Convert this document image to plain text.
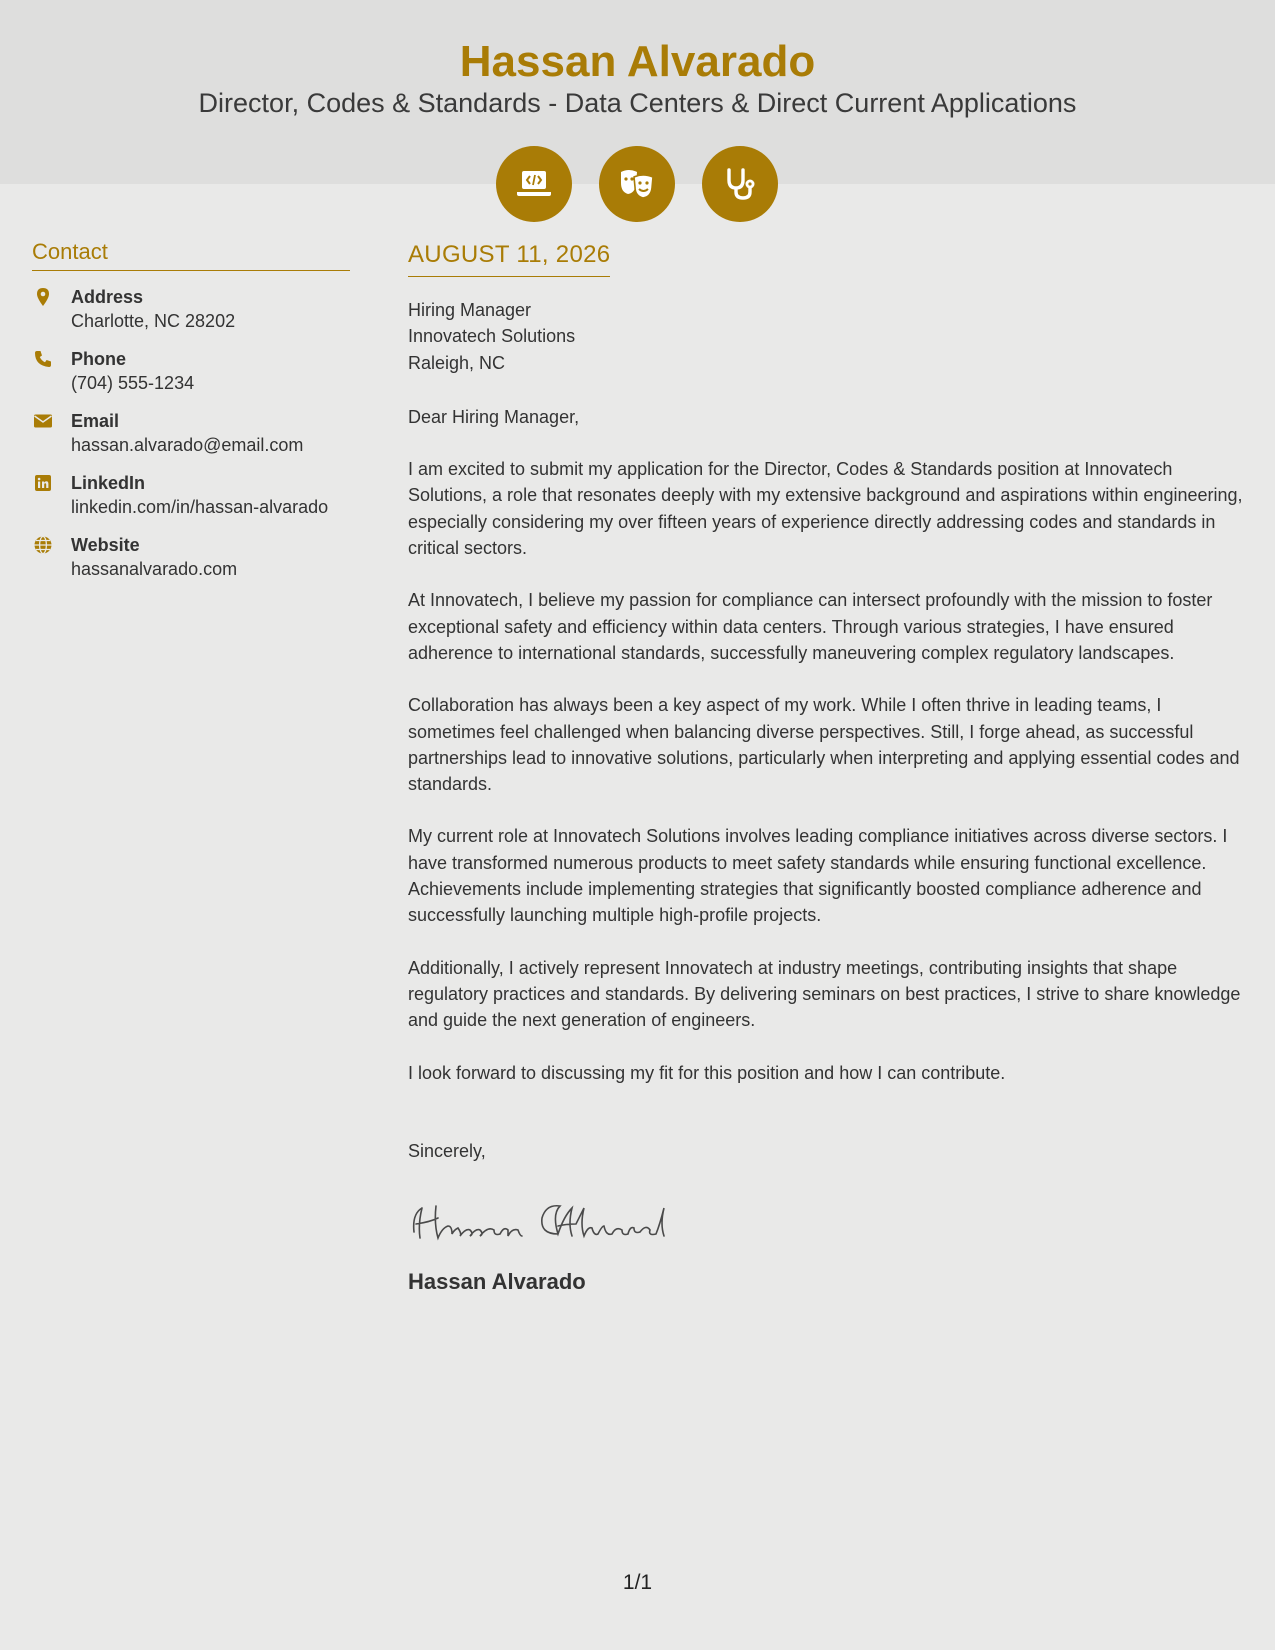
Hassan Alvarado
Director, Codes & Standards - Data Centers & Direct Current Applications
Contact
Address
Charlotte, NC 28202
Phone
(704) 555-1234
Email
hassan.alvarado@email.com
LinkedIn
linkedin.com/in/hassan-alvarado
Website
hassanalvarado.com
AUGUST 11, 2026
Hiring Manager
Innovatech Solutions
Raleigh, NC
Dear Hiring Manager,
I am excited to submit my application for the Director, Codes & Standards position at Innovatech Solutions, a role that resonates deeply with my extensive background and aspirations within engineering, especially considering my over fifteen years of experience directly addressing codes and standards in critical sectors.
At Innovatech, I believe my passion for compliance can intersect profoundly with the mission to foster exceptional safety and efficiency within data centers. Through various strategies, I have ensured adherence to international standards, successfully maneuvering complex regulatory landscapes.
Collaboration has always been a key aspect of my work. While I often thrive in leading teams, I sometimes feel challenged when balancing diverse perspectives. Still, I forge ahead, as successful partnerships lead to innovative solutions, particularly when interpreting and applying essential codes and standards.
My current role at Innovatech Solutions involves leading compliance initiatives across diverse sectors. I have transformed numerous products to meet safety standards while ensuring functional excellence. Achievements include implementing strategies that significantly boosted compliance adherence and successfully launching multiple high-profile projects.
Additionally, I actively represent Innovatech at industry meetings, contributing insights that shape regulatory practices and standards. By delivering seminars on best practices, I strive to share knowledge and guide the next generation of engineers.
I look forward to discussing my fit for this position and how I can contribute.
Sincerely,
Hassan Alvarado
1/1
